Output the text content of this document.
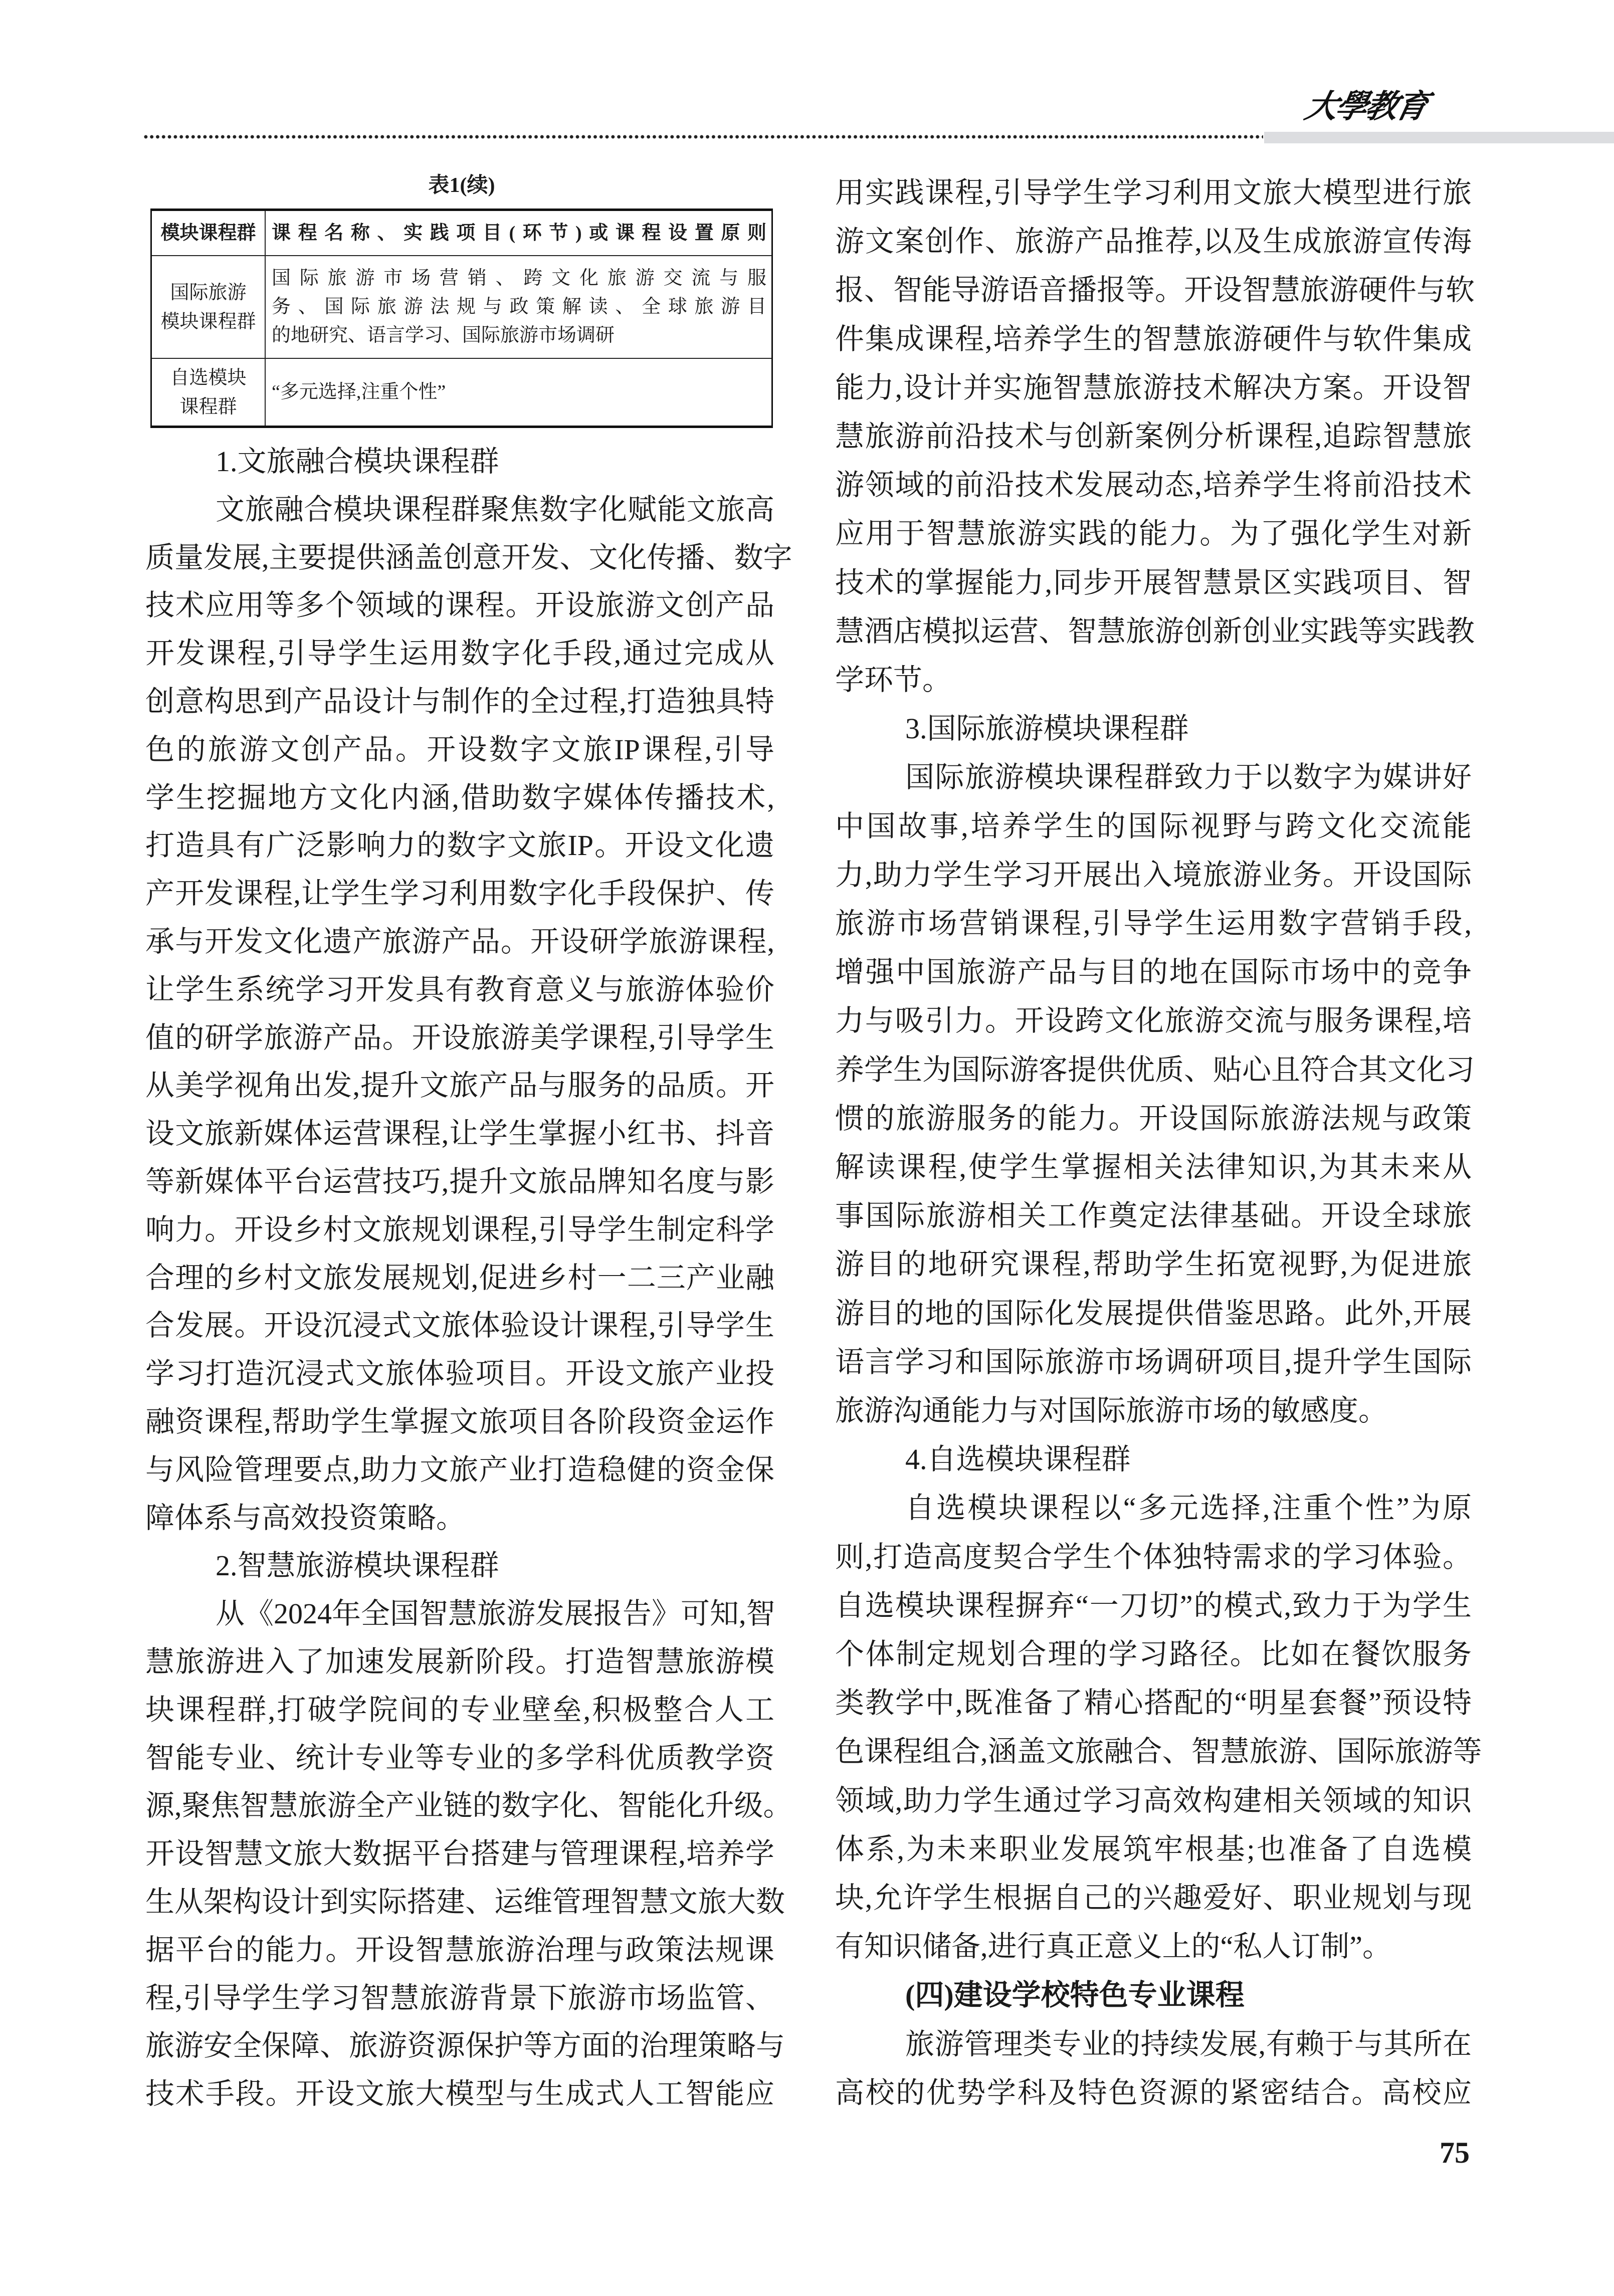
大學教育
表1(续)
模块课程群 课程名称、实践项目(环节)或课程设置原则
国际旅游
模块课程群
国际旅游市场营销、跨文化旅游交流与服
务、国际旅游法规与政策解读、全球旅游目
的地研究、语言学习、国际旅游市场调研
自选模块
课程群
“多元选择,注重个性”
1.文旅融合模块课程群
文旅融合模块课程群聚焦数字化赋能文旅高
质量发展,主要提供涵盖创意开发、文化传播、数字
技术应用等多个领域的课程。开设旅游文创产品
开发课程,引导学生运用数字化手段,通过完成从
创意构思到产品设计与制作的全过程,打造独具特
色的旅游文创产品。开设数字文旅IP课程,引导
学生挖掘地方文化内涵,借助数字媒体传播技术,
打造具有广泛影响力的数字文旅IP。开设文化遗
产开发课程,让学生学习利用数字化手段保护、传
承与开发文化遗产旅游产品。开设研学旅游课程,
让学生系统学习开发具有教育意义与旅游体验价
值的研学旅游产品。开设旅游美学课程,引导学生
从美学视角出发,提升文旅产品与服务的品质。开
设文旅新媒体运营课程,让学生掌握小红书、抖音
等新媒体平台运营技巧,提升文旅品牌知名度与影
响力。开设乡村文旅规划课程,引导学生制定科学
合理的乡村文旅发展规划,促进乡村一二三产业融
合发展。开设沉浸式文旅体验设计课程,引导学生
学习打造沉浸式文旅体验项目。开设文旅产业投
融资课程,帮助学生掌握文旅项目各阶段资金运作
与风险管理要点,助力文旅产业打造稳健的资金保
障体系与高效投资策略。
2.智慧旅游模块课程群
从《2024年全国智慧旅游发展报告》可知,智
慧旅游进入了加速发展新阶段。打造智慧旅游模
块课程群,打破学院间的专业壁垒,积极整合人工
智能专业、统计专业等专业的多学科优质教学资
源,聚焦智慧旅游全产业链的数字化、智能化升级。
开设智慧文旅大数据平台搭建与管理课程,培养学
生从架构设计到实际搭建、运维管理智慧文旅大数
据平台的能力。开设智慧旅游治理与政策法规课
程,引导学生学习智慧旅游背景下旅游市场监管、
旅游安全保障、旅游资源保护等方面的治理策略与
技术手段。开设文旅大模型与生成式人工智能应
用实践课程,引导学生学习利用文旅大模型进行旅
游文案创作、旅游产品推荐,以及生成旅游宣传海
报、智能导游语音播报等。开设智慧旅游硬件与软
件集成课程,培养学生的智慧旅游硬件与软件集成
能力,设计并实施智慧旅游技术解决方案。开设智
慧旅游前沿技术与创新案例分析课程,追踪智慧旅
游领域的前沿技术发展动态,培养学生将前沿技术
应用于智慧旅游实践的能力。为了强化学生对新
技术的掌握能力,同步开展智慧景区实践项目、智
慧酒店模拟运营、智慧旅游创新创业实践等实践教
学环节。
3.国际旅游模块课程群
国际旅游模块课程群致力于以数字为媒讲好
中国故事,培养学生的国际视野与跨文化交流能
力,助力学生学习开展出入境旅游业务。开设国际
旅游市场营销课程,引导学生运用数字营销手段,
增强中国旅游产品与目的地在国际市场中的竞争
力与吸引力。开设跨文化旅游交流与服务课程,培
养学生为国际游客提供优质、贴心且符合其文化习
惯的旅游服务的能力。开设国际旅游法规与政策
解读课程,使学生掌握相关法律知识,为其未来从
事国际旅游相关工作奠定法律基础。开设全球旅
游目的地研究课程,帮助学生拓宽视野,为促进旅
游目的地的国际化发展提供借鉴思路。此外,开展
语言学习和国际旅游市场调研项目,提升学生国际
旅游沟通能力与对国际旅游市场的敏感度。
4.自选模块课程群
自选模块课程以“多元选择,注重个性”为原
则,打造高度契合学生个体独特需求的学习体验。
自选模块课程摒弃“一刀切”的模式,致力于为学生
个体制定规划合理的学习路径。比如在餐饮服务
类教学中,既准备了精心搭配的“明星套餐”预设特
色课程组合,涵盖文旅融合、智慧旅游、国际旅游等
领域,助力学生通过学习高效构建相关领域的知识
体系,为未来职业发展筑牢根基;也准备了自选模
块,允许学生根据自己的兴趣爱好、职业规划与现
有知识储备,进行真正意义上的“私人订制”。
(四)建设学校特色专业课程
旅游管理类专业的持续发展,有赖于与其所在
高校的优势学科及特色资源的紧密结合。高校应
75
